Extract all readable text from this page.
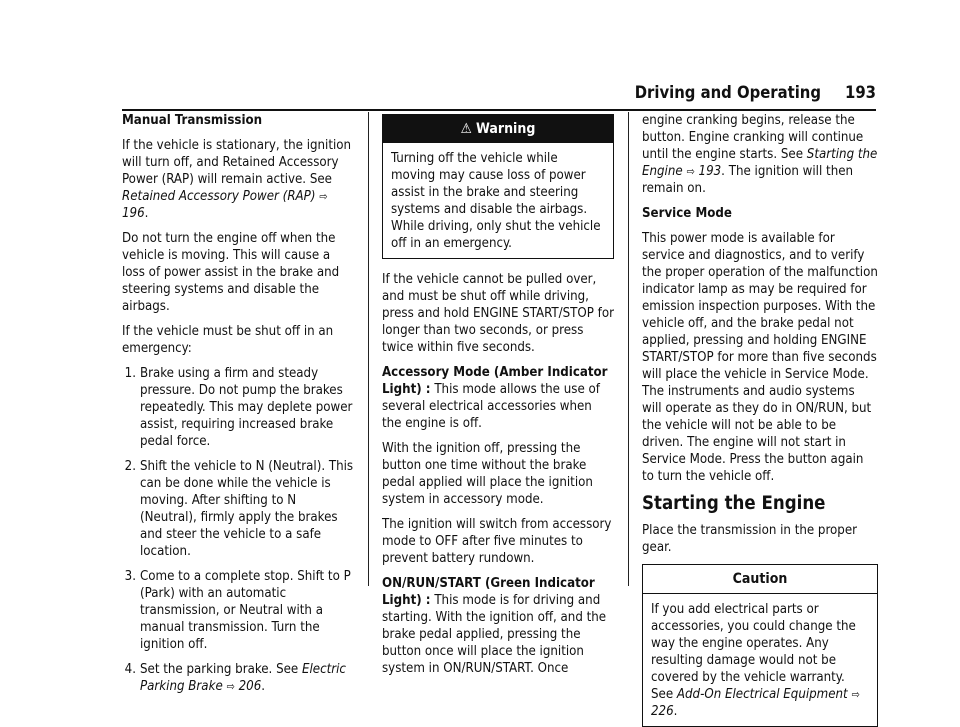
Driving and Operating 193

Manual Transmission

If the vehicle is stationary, the ignition will turn off, and Retained Accessory Power (RAP) will remain active. See Retained Accessory Power (RAP) ⇨ 196.

Do not turn the engine off when the vehicle is moving. This will cause a loss of power assist in the brake and steering systems and disable the airbags.

If the vehicle must be shut off in an emergency:

1. Brake using a firm and steady pressure. Do not pump the brakes repeatedly. This may deplete power assist, requiring increased brake pedal force.
2. Shift the vehicle to N (Neutral). This can be done while the vehicle is moving. After shifting to N (Neutral), firmly apply the brakes and steer the vehicle to a safe location.
3. Come to a complete stop. Shift to P (Park) with an automatic transmission, or Neutral with a manual transmission. Turn the ignition off.
4. Set the parking brake. See Electric Parking Brake ⇨ 206.
⚠ Warning
Turning off the vehicle while moving may cause loss of power assist in the brake and steering systems and disable the airbags. While driving, only shut the vehicle off in an emergency.

If the vehicle cannot be pulled over, and must be shut off while driving, press and hold ENGINE START/STOP for longer than two seconds, or press twice within five seconds.

Accessory Mode (Amber Indicator Light) : This mode allows the use of several electrical accessories when the engine is off.

With the ignition off, pressing the button one time without the brake pedal applied will place the ignition system in accessory mode.

The ignition will switch from accessory mode to OFF after five minutes to prevent battery rundown.

ON/RUN/START (Green Indicator Light) : This mode is for driving and starting. With the ignition off, and the brake pedal applied, pressing the button once will place the ignition system in ON/RUN/START. Once

engine cranking begins, release the button. Engine cranking will continue until the engine starts. See Starting the Engine ⇨ 193. The ignition will then remain on.

Service Mode

This power mode is available for service and diagnostics, and to verify the proper operation of the malfunction indicator lamp as may be required for emission inspection purposes. With the vehicle off, and the brake pedal not applied, pressing and holding ENGINE START/STOP for more than five seconds will place the vehicle in Service Mode. The instruments and audio systems will operate as they do in ON/RUN, but the vehicle will not be able to be driven. The engine will not start in Service Mode. Press the button again to turn the vehicle off.

Starting the Engine

Place the transmission in the proper gear.

Caution
If you add electrical parts or accessories, you could change the way the engine operates. Any resulting damage would not be covered by the vehicle warranty. See Add-On Electrical Equipment ⇨ 226.
